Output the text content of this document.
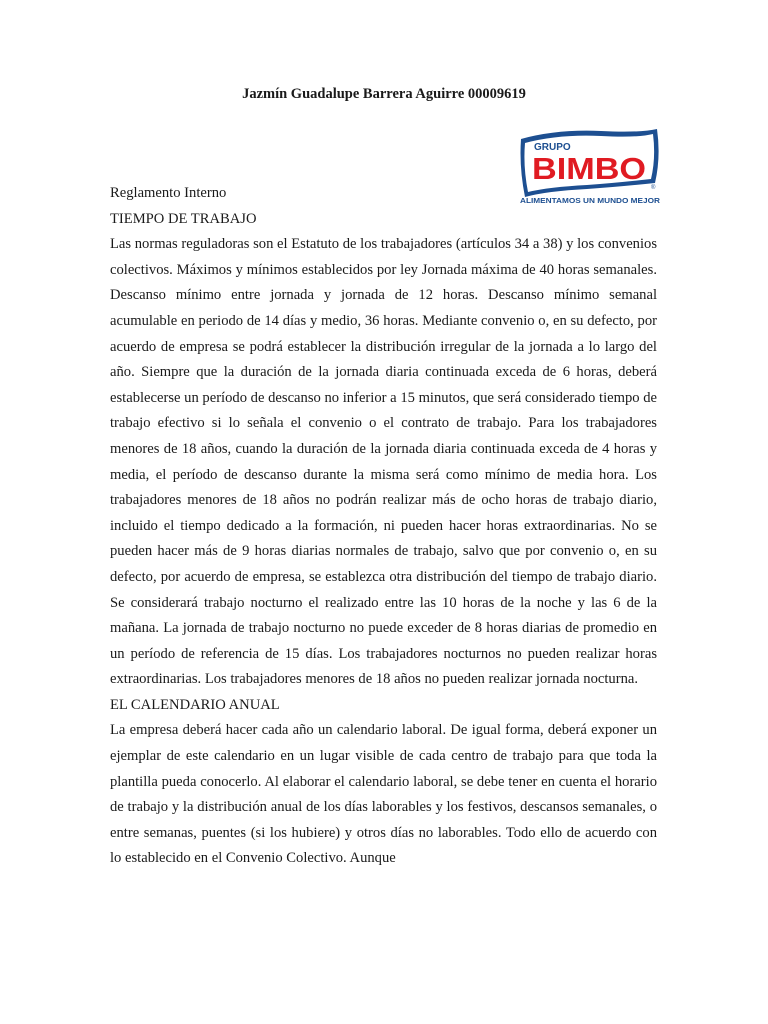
Jazmín Guadalupe Barrera Aguirre 00009619
GRUPO
BIMBO
®
ALIMENTAMOS UN MUNDO MEJOR
Reglamento Interno
TIEMPO DE TRABAJO

Las normas reguladoras son el Estatuto de los trabajadores (artículos 34 a 38) y los convenios colectivos. Máximos y mínimos establecidos por ley Jornada máxima de 40 horas semanales. Descanso mínimo entre jornada y jornada de 12 horas. Descanso mínimo semanal acumulable en periodo de 14 días y medio, 36 horas. Mediante convenio o, en su defecto, por acuerdo de empresa se podrá establecer la distribución irregular de la jornada a lo largo del año. Siempre que la duración de la jornada diaria continuada exceda de 6 horas, deberá establecerse un período de descanso no inferior a 15 minutos, que será considerado tiempo de trabajo efectivo si lo señala el convenio o el contrato de trabajo. Para los trabajadores menores de 18 años, cuando la duración de la jornada diaria continuada exceda de 4 horas y media, el período de descanso durante la misma será como mínimo de media hora. Los trabajadores menores de 18 años no podrán realizar más de ocho horas de trabajo diario, incluido el tiempo dedicado a la formación, ni pueden hacer horas extraordinarias. No se pueden hacer más de 9 horas diarias normales de trabajo, salvo que por convenio o, en su defecto, por acuerdo de empresa, se establezca otra distribución del tiempo de trabajo diario. Se considerará trabajo nocturno el realizado entre las 10 horas de la noche y las 6 de la mañana. La jornada de trabajo nocturno no puede exceder de 8 horas diarias de promedio en un período de referencia de 15 días. Los trabajadores nocturnos no pueden realizar horas extraordinarias. Los trabajadores menores de 18 años no pueden realizar jornada nocturna.

EL CALENDARIO ANUAL

La empresa deberá hacer cada año un calendario laboral. De igual forma, deberá exponer un ejemplar de este calendario en un lugar visible de cada centro de trabajo para que toda la plantilla pueda conocerlo. Al elaborar el calendario laboral, se debe tener en cuenta el horario de trabajo y la distribución anual de los días laborables y los festivos, descansos semanales, o entre semanas, puentes (si los hubiere) y otros días no laborables. Todo ello de acuerdo con lo establecido en el Convenio Colectivo. Aunque
